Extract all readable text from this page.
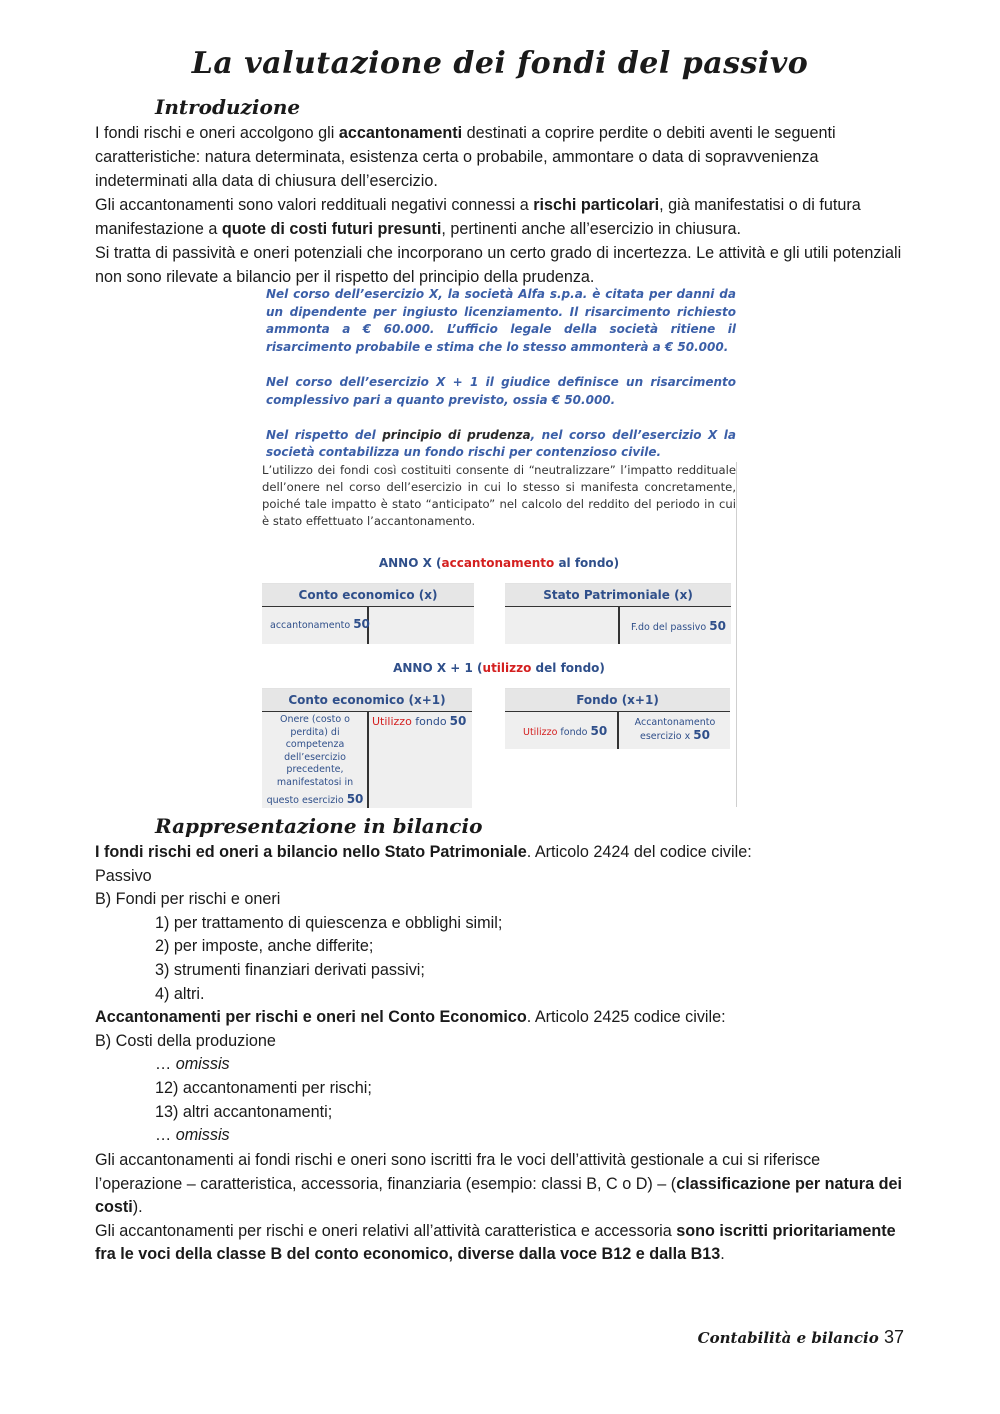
La valutazione dei fondi del passivo
Introduzione

I fondi rischi e oneri accolgono gli accantonamenti destinati a coprire perdite o debiti aventi le seguenti caratteristiche: natura determinata, esistenza certa o probabile, ammontare o data di sopravvenienza indeterminati alla data di chiusura dell’esercizio.

Gli accantonamenti sono valori reddituali negativi connessi a rischi particolari, già manifestatisi o di futura manifestazione a quote di costi futuri presunti, pertinenti anche all’esercizio in chiusura.

Si tratta di passività e oneri potenziali che incorporano un certo grado di incertezza. Le attività e gli utili potenziali non sono rilevate a bilancio per il rispetto del principio della prudenza.

Nel corso dell’esercizio X, la società Alfa s.p.a. è citata per danni da un dipendente per ingiusto licenziamento. Il risarcimento richiesto ammonta a € 60.000. L’ufficio legale della società ritiene il risarcimento probabile e stima che lo stesso ammonterà a € 50.000.

Nel corso dell’esercizio X + 1 il giudice definisce un risarcimento complessivo pari a quanto previsto, ossia € 50.000.

Nel rispetto del principio di prudenza, nel corso dell’esercizio X la società contabilizza un fondo rischi per contenzioso civile.

L’utilizzo dei fondi così costituiti consente di “neutralizzare” l’impatto reddituale dell’onere nel corso dell’esercizio in cui lo stesso si manifesta concretamente, poiché tale impatto è stato “anticipato” nel calcolo del reddito del periodo in cui è stato effettuato l’accantonamento.
ANNO X (accantonamento al fondo)
Conto economico (x)
accantonamento 50
Stato Patrimoniale (x)
F.do del passivo 50
ANNO X + 1 (utilizzo del fondo)
Conto economico (x+1)
Onere (costo o perdita) di competenza dell’esercizio precedente, manifestatosi in
questo esercizio 50
Utilizzo fondo 50
Fondo (x+1)
Utilizzo fondo 50
Accantonamento
esercizio x 50
Rappresentazione in bilancio
I fondi rischi ed oneri a bilancio nello Stato Patrimoniale. Articolo 2424 del codice civile:
Passivo
B) Fondi per rischi e oneri
1) per trattamento di quiescenza e obblighi simil;
2) per imposte, anche differite;
3) strumenti finanziari derivati passivi;
4) altri.
Accantonamenti per rischi e oneri nel Conto Economico. Articolo 2425 codice civile:
B) Costi della produzione
… omissis
12) accantonamenti per rischi;
13) altri accantonamenti;
… omissis

Gli accantonamenti ai fondi rischi e oneri sono iscritti fra le voci dell’attività gestionale a cui si riferisce l’operazione – caratteristica, accessoria, finanziaria (esempio: classi B, C o D) – (classificazione per natura dei costi).

Gli accantonamenti per rischi e oneri relativi all’attività caratteristica e accessoria sono iscritti prioritariamente fra le voci della classe B del conto economico, diverse dalla voce B12 e dalla B13.

Contabilità e bilancio 37
